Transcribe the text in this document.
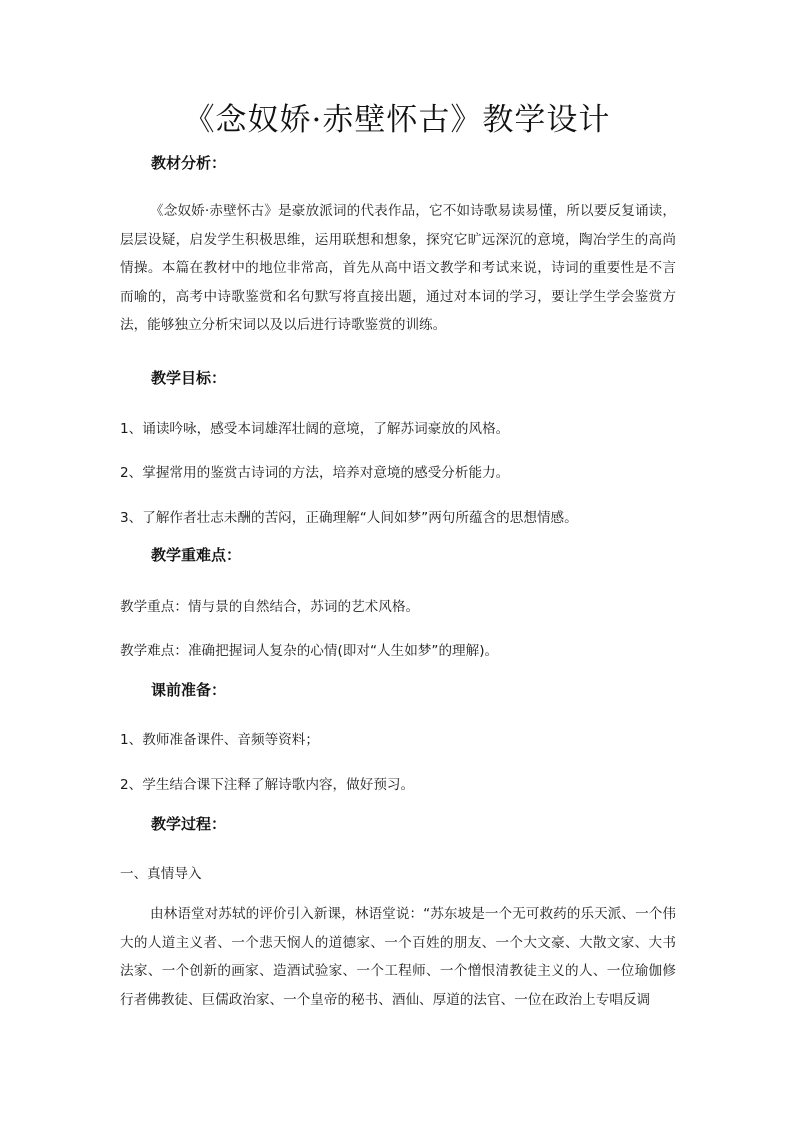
《念奴娇·赤壁怀古》教学设计
教材分析：

《念奴娇·赤壁怀古》是豪放派词的代表作品，它不如诗歌易读易懂，所以要反复诵读，层层设疑，启发学生积极思维，运用联想和想象，探究它旷远深沉的意境，陶冶学生的高尚情操。本篇在教材中的地位非常高，首先从高中语文教学和考试来说，诗词的重要性是不言而喻的，高考中诗歌鉴赏和名句默写将直接出题，通过对本词的学习，要让学生学会鉴赏方法，能够独立分析宋词以及以后进行诗歌鉴赏的训练。

教学目标：

1、诵读吟咏，感受本词雄浑壮阔的意境，了解苏词豪放的风格。

2、掌握常用的鉴赏古诗词的方法，培养对意境的感受分析能力。

3、了解作者壮志未酬的苦闷，正确理解“人间如梦”两句所蕴含的思想情感。

教学重难点：

教学重点：情与景的自然结合，苏词的艺术风格。

教学难点：准确把握词人复杂的心情(即对“人生如梦”的理解)。

课前准备：

1、教师准备课件、音频等资料；

2、学生结合课下注释了解诗歌内容，做好预习。

教学过程：

一、真情导入

由林语堂对苏轼的评价引入新课，林语堂说：“苏东坡是一个无可救药的乐天派、一个伟大的人道主义者、一个悲天悯人的道德家、一个百姓的朋友、一个大文豪、大散文家、大书法家、一个创新的画家、造酒试验家、一个工程师、一个憎恨清教徒主义的人、一位瑜伽修行者佛教徒、巨儒政治家、一个皇帝的秘书、酒仙、厚道的法官、一位在政治上专唱反调
